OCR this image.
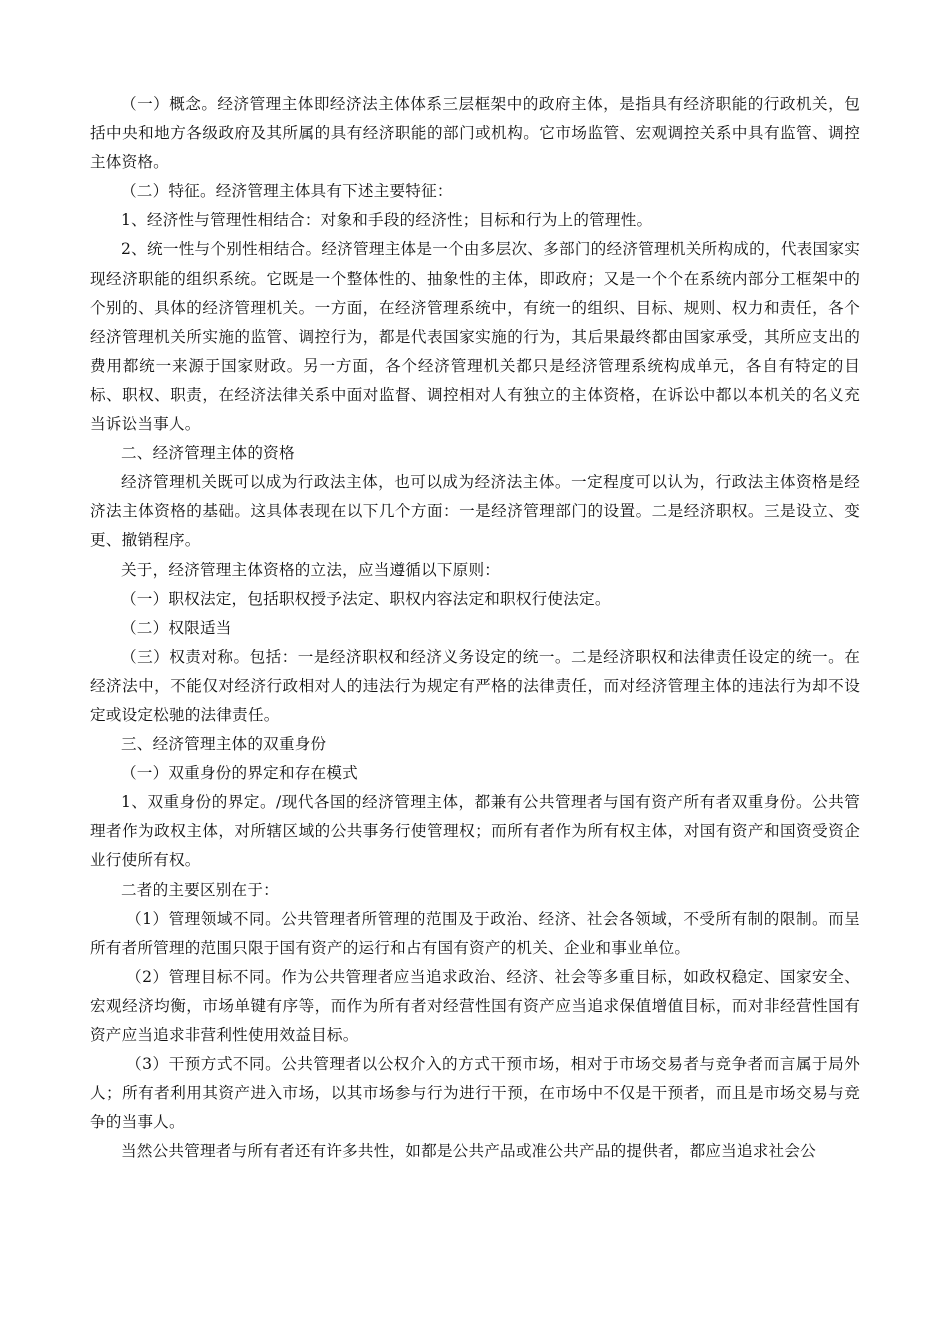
（一）概念。经济管理主体即经济法主体体系三层框架中的政府主体，是指具有经济职能的行政机关，包括中央和地方各级政府及其所属的具有经济职能的部门或机构。它市场监管、宏观调控关系中具有监管、调控主体资格。

（二）特征。经济管理主体具有下述主要特征：

1、经济性与管理性相结合：对象和手段的经济性；目标和行为上的管理性。

2、统一性与个别性相结合。经济管理主体是一个由多层次、多部门的经济管理机关所构成的，代表国家实现经济职能的组织系统。它既是一个整体性的、抽象性的主体，即政府；又是一个个在系统内部分工框架中的个别的、具体的经济管理机关。一方面，在经济管理系统中，有统一的组织、目标、规则、权力和责任，各个经济管理机关所实施的监管、调控行为，都是代表国家实施的行为，其后果最终都由国家承受，其所应支出的费用都统一来源于国家财政。另一方面，各个经济管理机关都只是经济管理系统构成单元，各自有特定的目标、职权、职责，在经济法律关系中面对监督、调控相对人有独立的主体资格，在诉讼中都以本机关的名义充当诉讼当事人。

二、经济管理主体的资格

经济管理机关既可以成为行政法主体，也可以成为经济法主体。一定程度可以认为，行政法主体资格是经济法主体资格的基础。这具体表现在以下几个方面：一是经济管理部门的设置。二是经济职权。三是设立、变更、撤销程序。

关于，经济管理主体资格的立法，应当遵循以下原则：

（一）职权法定，包括职权授予法定、职权内容法定和职权行使法定。

（二）权限适当

（三）权责对称。包括：一是经济职权和经济义务设定的统一。二是经济职权和法律责任设定的统一。在经济法中，不能仅对经济行政相对人的违法行为规定有严格的法律责任，而对经济管理主体的违法行为却不设定或设定松驰的法律责任。

三、经济管理主体的双重身份

（一）双重身份的界定和存在模式

1、双重身份的界定。/现代各国的经济管理主体，都兼有公共管理者与国有资产所有者双重身份。公共管理者作为政权主体，对所辖区域的公共事务行使管理权；而所有者作为所有权主体，对国有资产和国资受资企业行使所有权。

二者的主要区别在于：

（1）管理领域不同。公共管理者所管理的范围及于政治、经济、社会各领域，不受所有制的限制。而呈所有者所管理的范围只限于国有资产的运行和占有国有资产的机关、企业和事业单位。

（2）管理目标不同。作为公共管理者应当追求政治、经济、社会等多重目标，如政权稳定、国家安全、宏观经济均衡，市场单键有序等，而作为所有者对经营性国有资产应当追求保值增值目标，而对非经营性国有资产应当追求非营利性使用效益目标。

（3）干预方式不同。公共管理者以公权介入的方式干预市场，相对于市场交易者与竞争者而言属于局外人；所有者利用其资产进入市场，以其市场参与行为进行干预，在市场中不仅是干预者，而且是市场交易与竞争的当事人。

当然公共管理者与所有者还有许多共性，如都是公共产品或准公共产品的提供者，都应当追求社会公
